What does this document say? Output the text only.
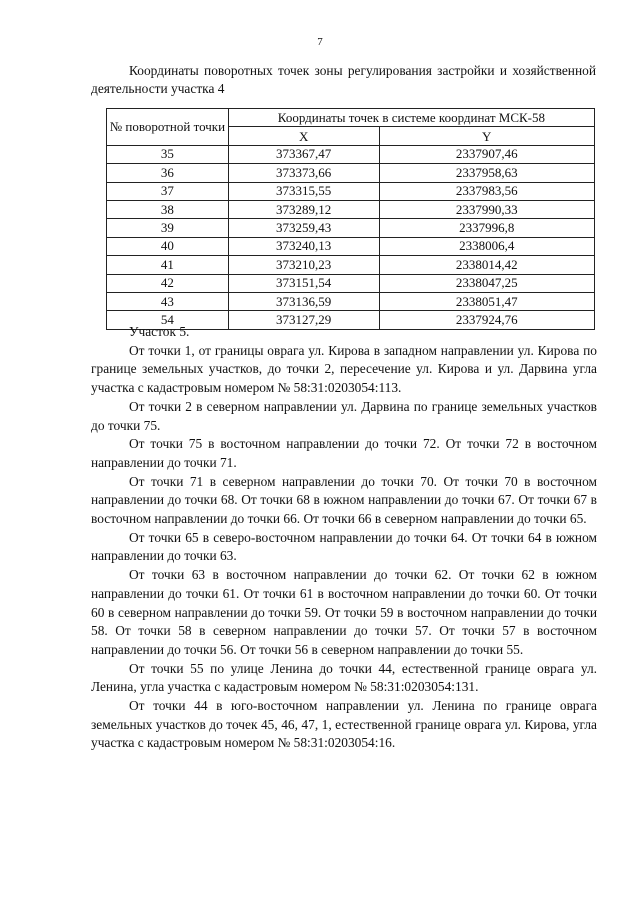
7

Координаты поворотных точек зоны регулирования застройки и хозяйственной деятельности участка 4

№ поворотной точки	Координаты точек в системе координат МСК-58	
	X	Y
35	373367,47	2337907,46
36	373373,66	2337958,63
37	373315,55	2337983,56
38	373289,12	2337990,33
39	373259,43	2337996,8
40	373240,13	2338006,4
41	373210,23	2338014,42
42	373151,54	2338047,25
43	373136,59	2338051,47
54	373127,29	2337924,76

Участок 5.

От точки 1, от границы оврага ул. Кирова в западном направлении ул. Кирова по границе земельных участков, до точки 2, пересечение ул. Кирова и ул. Дарвина угла участка с кадастровым номером № 58:31:0203054:113.

От точки 2 в северном направлении ул. Дарвина по границе земельных участков до точки 75.

От точки 75 в восточном направлении до точки 72. От точки 72 в восточном направлении до точки 71.

От точки 71 в северном направлении до точки 70. От точки 70 в восточном направлении до точки 68. От точки 68 в южном направлении до точки 67. От точки 67 в восточном направлении до точки 66. От точки 66 в северном направлении до точки 65.

От точки 65 в северо-восточном направлении до точки 64. От точки 64 в южном направлении до точки 63.

От точки 63 в восточном направлении до точки 62. От точки 62 в южном направлении до точки 61. От точки 61 в восточном направлении до точки 60. От точки 60 в северном направлении до точки 59. От точки 59 в восточном направлении до точки 58. От точки 58 в северном направлении до точки 57. От точки 57 в восточном направлении до точки 56. От точки 56 в северном направлении до точки 55.

От точки 55 по улице Ленина до точки 44, естественной границе оврага ул. Ленина, угла участка с кадастровым номером № 58:31:0203054:131.

От точки 44 в юго-восточном направлении ул. Ленина по границе оврага земельных участков до точек 45, 46, 47, 1, естественной границе оврага ул. Кирова, угла участка с кадастровым номером № 58:31:0203054:16.
